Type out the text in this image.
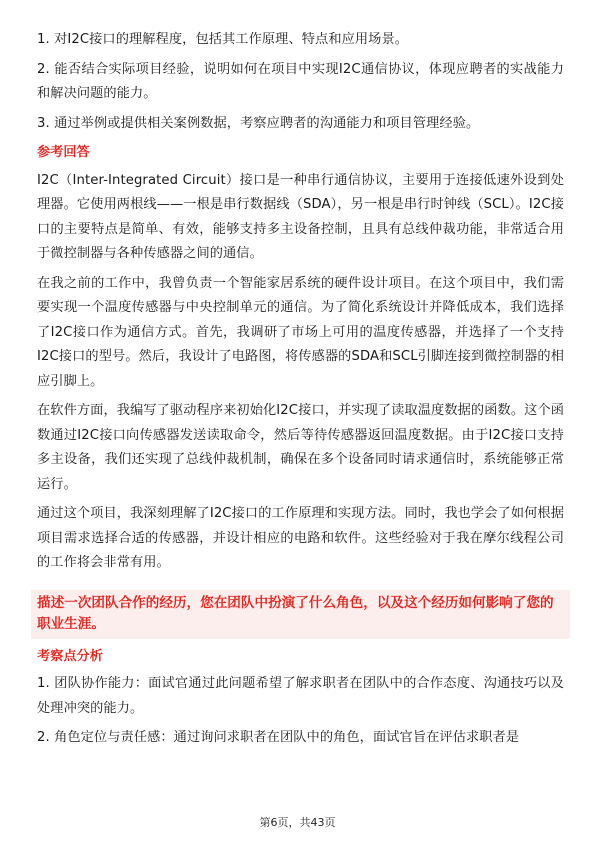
1. 对I2C接口的理解程度，包括其工作原理、特点和应用场景。

2. 能否结合实际项目经验，说明如何在项目中实现I2C通信协议，体现应聘者的实战能力和解决问题的能力。

3. 通过举例或提供相关案例数据，考察应聘者的沟通能力和项目管理经验。

参考回答

I2C（Inter-Integrated Circuit）接口是一种串行通信协议，主要用于连接低速外设到处理器。它使用两根线——一根是串行数据线（SDA），另一根是串行时钟线（SCL）。I2C接口的主要特点是简单、有效，能够支持多主设备控制，且具有总线仲裁功能，非常适合用于微控制器与各种传感器之间的通信。

在我之前的工作中，我曾负责一个智能家居系统的硬件设计项目。在这个项目中，我们需要实现一个温度传感器与中央控制单元的通信。为了简化系统设计并降低成本，我们选择了I2C接口作为通信方式。首先，我调研了市场上可用的温度传感器，并选择了一个支持I2C接口的型号。然后，我设计了电路图，将传感器的SDA和SCL引脚连接到微控制器的相应引脚上。

在软件方面，我编写了驱动程序来初始化I2C接口，并实现了读取温度数据的函数。这个函数通过I2C接口向传感器发送读取命令，然后等待传感器返回温度数据。由于I2C接口支持多主设备，我们还实现了总线仲裁机制，确保在多个设备同时请求通信时，系统能够正常运行。

通过这个项目，我深刻理解了I2C接口的工作原理和实现方法。同时，我也学会了如何根据项目需求选择合适的传感器，并设计相应的电路和软件。这些经验对于我在摩尔线程公司的工作将会非常有用。

描述一次团队合作的经历，您在团队中扮演了什么角色，以及这个经历如何影响了您的职业生涯。
考察点分析

1. 团队协作能力：面试官通过此问题希望了解求职者在团队中的合作态度、沟通技巧以及处理冲突的能力。

2. 角色定位与责任感：通过询问求职者在团队中的角色，面试官旨在评估求职者是

第6页，共43页
